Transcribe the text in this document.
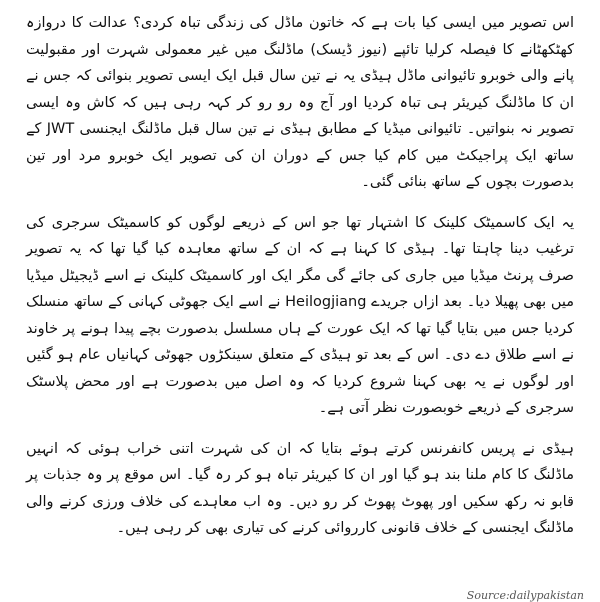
اس تصویر میں ایسی کیا بات ہے کہ خاتون ماڈل کی زندگی تباہ کردی؟ عدالت کا دروازہ کھٹکھٹانے کا فیصلہ کرلیا تائپے (نیوز ڈیسک) ماڈلنگ میں غیر معمولی شہرت اور مقبولیت پانے والی خوبرو تائیوانی ماڈل ہیڈی یہ نے تین سال قبل ایک ایسی تصویر بنوائی کہ جس نے ان کا ماڈلنگ کیریئر ہی تباہ کردیا اور آج وہ رو رو کر کہہ رہی ہیں کہ کاش وہ ایسی تصویر نہ بنواتیں۔ تائیوانی میڈیا کے مطابق ہیڈی نے تین سال قبل ماڈلنگ ایجنسی JWT کے ساتھ ایک پراجیکٹ میں کام کیا جس کے دوران ان کی تصویر ایک خوبرو مرد اور تین بدصورت بچوں کے ساتھ بنائی گئی۔

یہ ایک کاسمیٹک کلینک کا اشتہار تھا جو اس کے ذریعے لوگوں کو کاسمیٹک سرجری کی ترغیب دینا چاہتا تھا۔ ہیڈی کا کہنا ہے کہ ان کے ساتھ معاہدہ کیا گیا تھا کہ یہ تصویر صرف پرنٹ میڈیا میں جاری کی جائے گی مگر ایک اور کاسمیٹک کلینک نے اسے ڈیجیٹل میڈیا میں بھی پھیلا دیا۔ بعد ازاں جریدے Heilogjiang نے اسے ایک جھوٹی کہانی کے ساتھ منسلک کردیا جس میں بتایا گیا تھا کہ ایک عورت کے ہاں مسلسل بدصورت بچے پیدا ہونے پر خاوند نے اسے طلاق دے دی۔ اس کے بعد تو ہیڈی کے متعلق سینکڑوں جھوٹی کہانیاں عام ہو گئیں اور لوگوں نے یہ بھی کہنا شروع کردیا کہ وہ اصل میں بدصورت ہے اور محض پلاسٹک سرجری کے ذریعے خوبصورت نظر آتی ہے۔

ہیڈی نے پریس کانفرنس کرتے ہوئے بتایا کہ ان کی شہرت اتنی خراب ہوئی کہ انہیں ماڈلنگ کا کام ملنا بند ہو گیا اور ان کا کیریئر تباہ ہو کر رہ گیا۔ اس موقع پر وہ جذبات پر قابو نہ رکھ سکیں اور پھوٹ پھوٹ کر رو دیں۔ وہ اب معاہدے کی خلاف ورزی کرنے والی ماڈلنگ ایجنسی کے خلاف قانونی کارروائی کرنے کی تیاری بھی کر رہی ہیں۔

Source:dailypakistan
